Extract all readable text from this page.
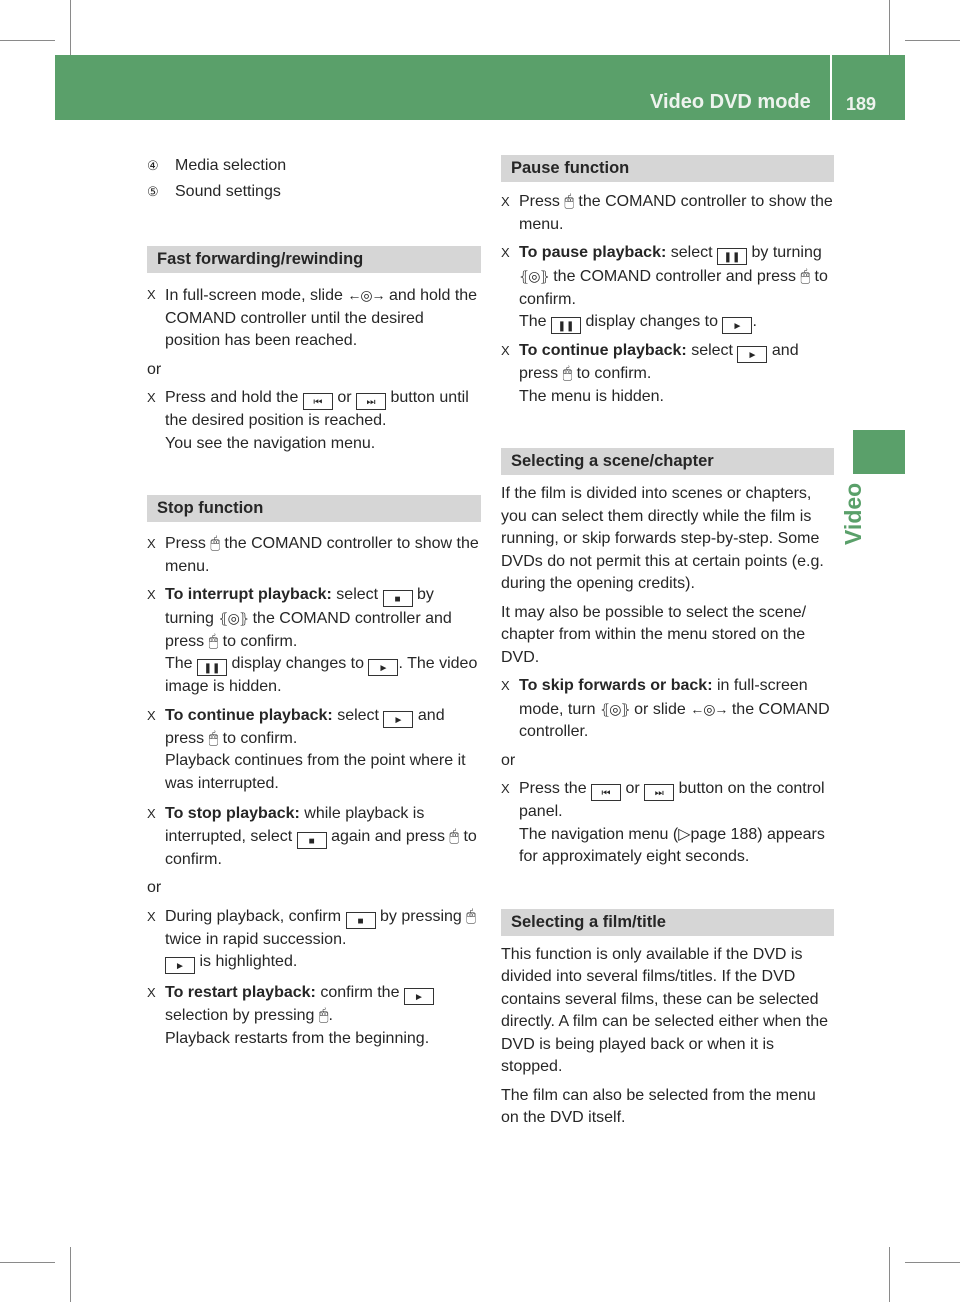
Video DVD mode 189
Video
④	Media selection
⑤	Sound settings
Fast forwarding/rewinding
X In full-screen mode, slide ←◎→ and hold the COMAND controller until the desired position has been reached.
or
X Press and hold the ⏮ or ⏭ button until the desired position is reached.
You see the navigation menu.
Stop function
X Press 🖱 the COMAND controller to show the menu.
X To interrupt playback: select ■ by turning ⦃◎⦄ the COMAND controller and press 🖱 to confirm.
The ❚❚ display changes to ► . The video image is hidden.
X To continue playback: select ► and press 🖱 to confirm.
Playback continues from the point where it was interrupted.
X To stop playback: while playback is interrupted, select ■ again and press 🖱 to confirm.
or
X During playback, confirm ■ by pressing 🖱 twice in rapid succession.
► is highlighted.
X To restart playback: confirm the ► selection by pressing 🖱.
Playback restarts from the beginning.
Pause function
X Press 🖱 the COMAND controller to show the menu.
X To pause playback: select ❚❚ by turning ⦃◎⦄ the COMAND controller and press 🖱 to confirm.
The ❚❚ display changes to ► .
X To continue playback: select ► and press 🖱 to confirm.
The menu is hidden.
Selecting a scene/chapter

If the film is divided into scenes or chapters, you can select them directly while the film is running, or skip forwards step-by-step. Some DVDs do not permit this at certain points (e.g. during the opening credits).

It may also be possible to select the scene/ chapter from within the menu stored on the DVD.

X To skip forwards or back: in full-screen mode, turn ⦃◎⦄ or slide ←◎→ the COMAND controller.
or
X Press the ⏮ or ⏭ button on the control panel.
The navigation menu (▷page 188) appears for approximately eight seconds.
Selecting a film/title

This function is only available if the DVD is divided into several films/titles. If the DVD contains several films, these can be selected directly. A film can be selected either when the DVD is being played back or when it is stopped.

The film can also be selected from the menu on the DVD itself.
